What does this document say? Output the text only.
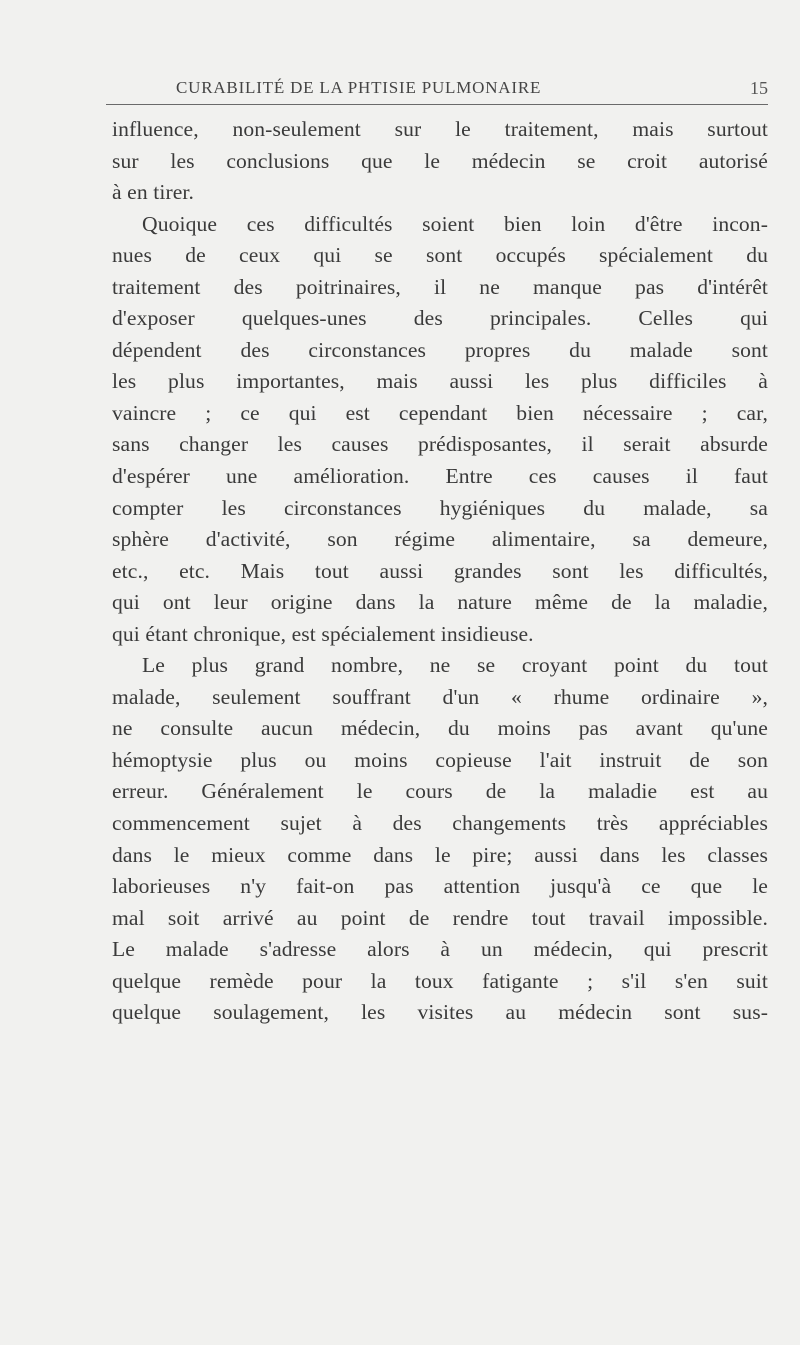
CURABILITÉ DE LA PHTISIE PULMONAIRE	15
influence, non-seulement sur le traitement, mais surtout
sur les conclusions que le médecin se croit autorisé
à en tirer.
Quoique ces difficultés soient bien loin d'être incon-
nues de ceux qui se sont occupés spécialement du
traitement des poitrinaires, il ne manque pas d'intérêt
d'exposer quelques-unes des principales. Celles qui
dépendent des circonstances propres du malade sont
les plus importantes, mais aussi les plus difficiles à
vaincre ; ce qui est cependant bien nécessaire ; car,
sans changer les causes prédisposantes, il serait absurde
d'espérer une amélioration. Entre ces causes il faut
compter les circonstances hygiéniques du malade, sa
sphère d'activité, son régime alimentaire, sa demeure,
etc., etc. Mais tout aussi grandes sont les difficultés,
qui ont leur origine dans la nature même de la maladie,
qui étant chronique, est spécialement insidieuse.
Le plus grand nombre, ne se croyant point du tout
malade, seulement souffrant d'un « rhume ordinaire »,
ne consulte aucun médecin, du moins pas avant qu'une
hémoptysie plus ou moins copieuse l'ait instruit de son
erreur. Généralement le cours de la maladie est au
commencement sujet à des changements très appréciables
dans le mieux comme dans le pire; aussi dans les classes
laborieuses n'y fait-on pas attention jusqu'à ce que le
mal soit arrivé au point de rendre tout travail impossible.
Le malade s'adresse alors à un médecin, qui prescrit
quelque remède pour la toux fatigante ; s'il s'en suit
quelque soulagement, les visites au médecin sont sus-
